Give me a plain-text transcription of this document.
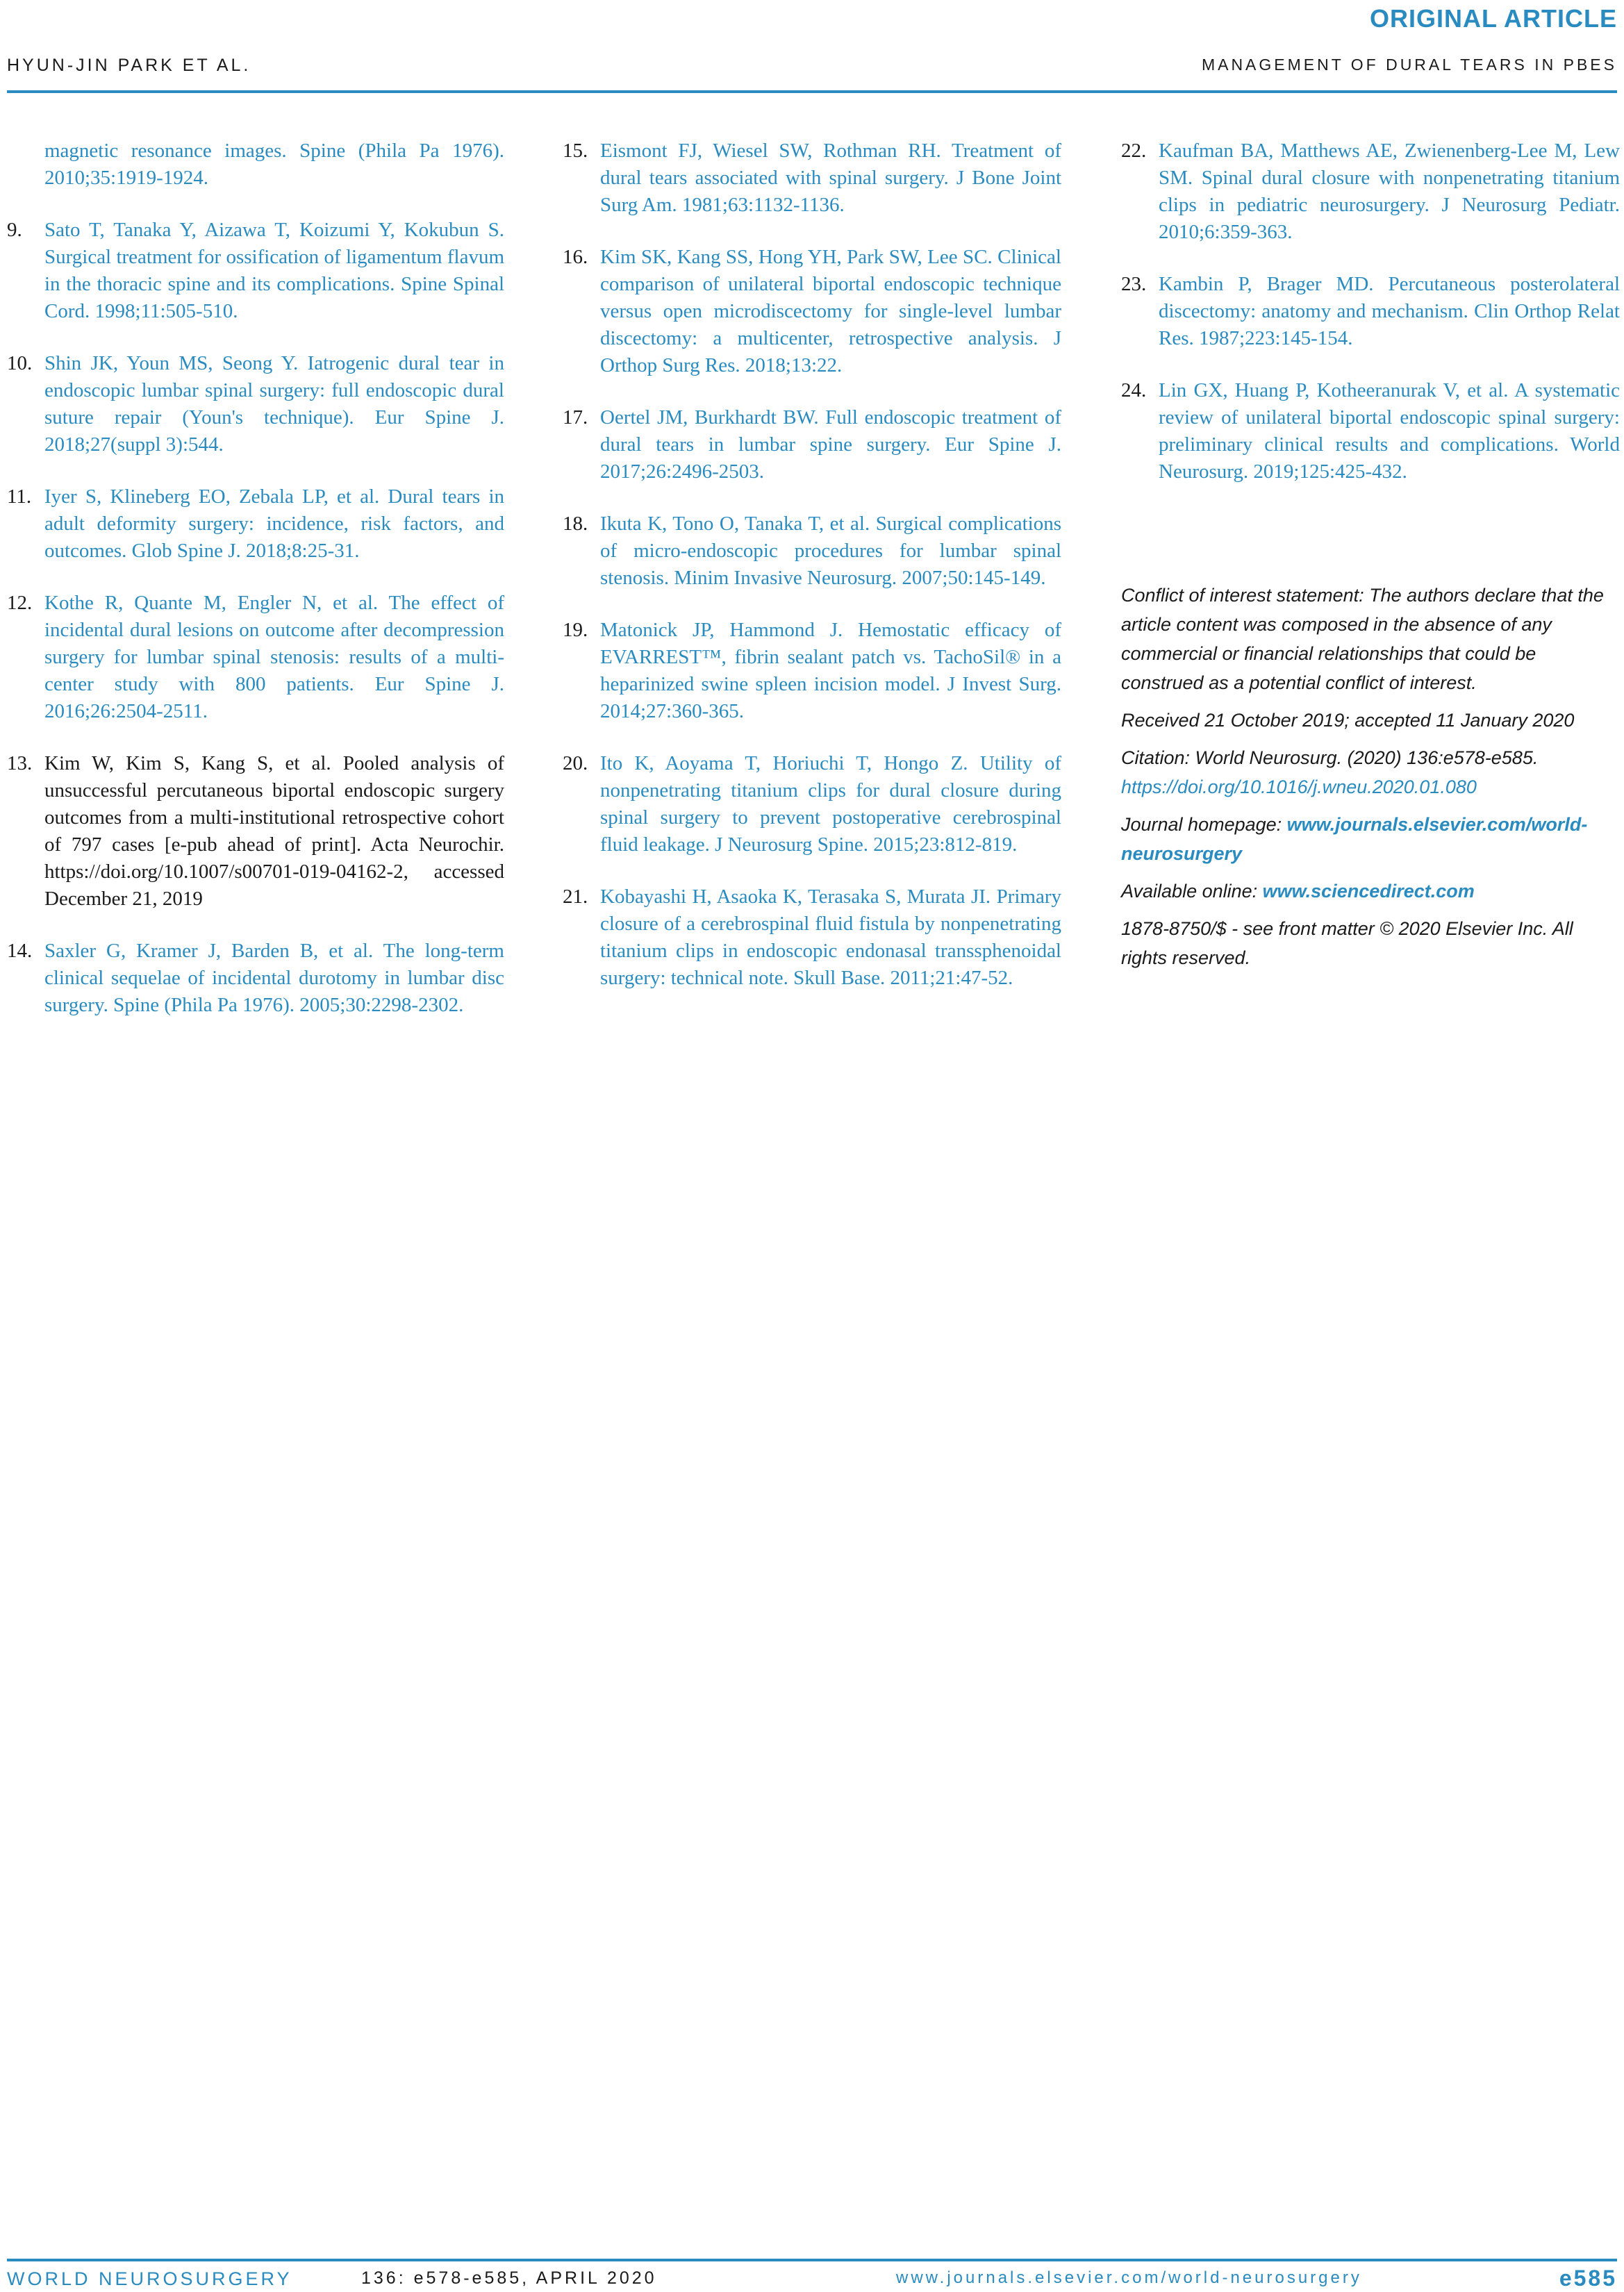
ORIGINAL ARTICLE
HYUN-JIN PARK ET AL.	MANAGEMENT OF DURAL TEARS IN PBES
magnetic resonance images. Spine (Phila Pa 1976). 2010;35:1919-1924.
9. Sato T, Tanaka Y, Aizawa T, Koizumi Y, Kokubun S. Surgical treatment for ossification of ligamentum flavum in the thoracic spine and its complications. Spine Spinal Cord. 1998;11:505-510.
10. Shin JK, Youn MS, Seong Y. Iatrogenic dural tear in endoscopic lumbar spinal surgery: full endoscopic dural suture repair (Youn's technique). Eur Spine J. 2018;27(suppl 3):544.
11. Iyer S, Klineberg EO, Zebala LP, et al. Dural tears in adult deformity surgery: incidence, risk factors, and outcomes. Glob Spine J. 2018;8:25-31.
12. Kothe R, Quante M, Engler N, et al. The effect of incidental dural lesions on outcome after decompression surgery for lumbar spinal stenosis: results of a multi-center study with 800 patients. Eur Spine J. 2016;26:2504-2511.
13. Kim W, Kim S, Kang S, et al. Pooled analysis of unsuccessful percutaneous biportal endoscopic surgery outcomes from a multi-institutional retrospective cohort of 797 cases [e-pub ahead of print]. Acta Neurochir. https://doi.org/10.1007/s00701-019-04162-2, accessed December 21, 2019
14. Saxler G, Kramer J, Barden B, et al. The long-term clinical sequelae of incidental durotomy in lumbar disc surgery. Spine (Phila Pa 1976). 2005;30:2298-2302.
15. Eismont FJ, Wiesel SW, Rothman RH. Treatment of dural tears associated with spinal surgery. J Bone Joint Surg Am. 1981;63:1132-1136.
16. Kim SK, Kang SS, Hong YH, Park SW, Lee SC. Clinical comparison of unilateral biportal endoscopic technique versus open microdiscectomy for single-level lumbar discectomy: a multicenter, retrospective analysis. J Orthop Surg Res. 2018;13:22.
17. Oertel JM, Burkhardt BW. Full endoscopic treatment of dural tears in lumbar spine surgery. Eur Spine J. 2017;26:2496-2503.
18. Ikuta K, Tono O, Tanaka T, et al. Surgical complications of micro-endoscopic procedures for lumbar spinal stenosis. Minim Invasive Neurosurg. 2007;50:145-149.
19. Matonick JP, Hammond J. Hemostatic efficacy of EVARREST™, fibrin sealant patch vs. TachoSil® in a heparinized swine spleen incision model. J Invest Surg. 2014;27:360-365.
20. Ito K, Aoyama T, Horiuchi T, Hongo Z. Utility of nonpenetrating titanium clips for dural closure during spinal surgery to prevent postoperative cerebrospinal fluid leakage. J Neurosurg Spine. 2015;23:812-819.
21. Kobayashi H, Asaoka K, Terasaka S, Murata JI. Primary closure of a cerebrospinal fluid fistula by nonpenetrating titanium clips in endoscopic endonasal transsphenoidal surgery: technical note. Skull Base. 2011;21:47-52.
22. Kaufman BA, Matthews AE, Zwienenberg-Lee M, Lew SM. Spinal dural closure with nonpenetrating titanium clips in pediatric neurosurgery. J Neurosurg Pediatr. 2010;6:359-363.
23. Kambin P, Brager MD. Percutaneous posterolateral discectomy: anatomy and mechanism. Clin Orthop Relat Res. 1987;223:145-154.
24. Lin GX, Huang P, Kotheeranurak V, et al. A systematic review of unilateral biportal endoscopic spinal surgery: preliminary clinical results and complications. World Neurosurg. 2019;125:425-432.

Conflict of interest statement: The authors declare that the article content was composed in the absence of any commercial or financial relationships that could be construed as a potential conflict of interest.

Received 21 October 2019; accepted 11 January 2020

Citation: World Neurosurg. (2020) 136:e578-e585.
https://doi.org/10.1016/j.wneu.2020.01.080

Journal homepage: www.journals.elsevier.com/world-neurosurgery

Available online: www.sciencedirect.com

1878-8750/$ - see front matter © 2020 Elsevier Inc. All rights reserved.

WORLD NEUROSURGERY	136: e578-e585, APRIL 2020	www.journals.elsevier.com/world-neurosurgery	e585
